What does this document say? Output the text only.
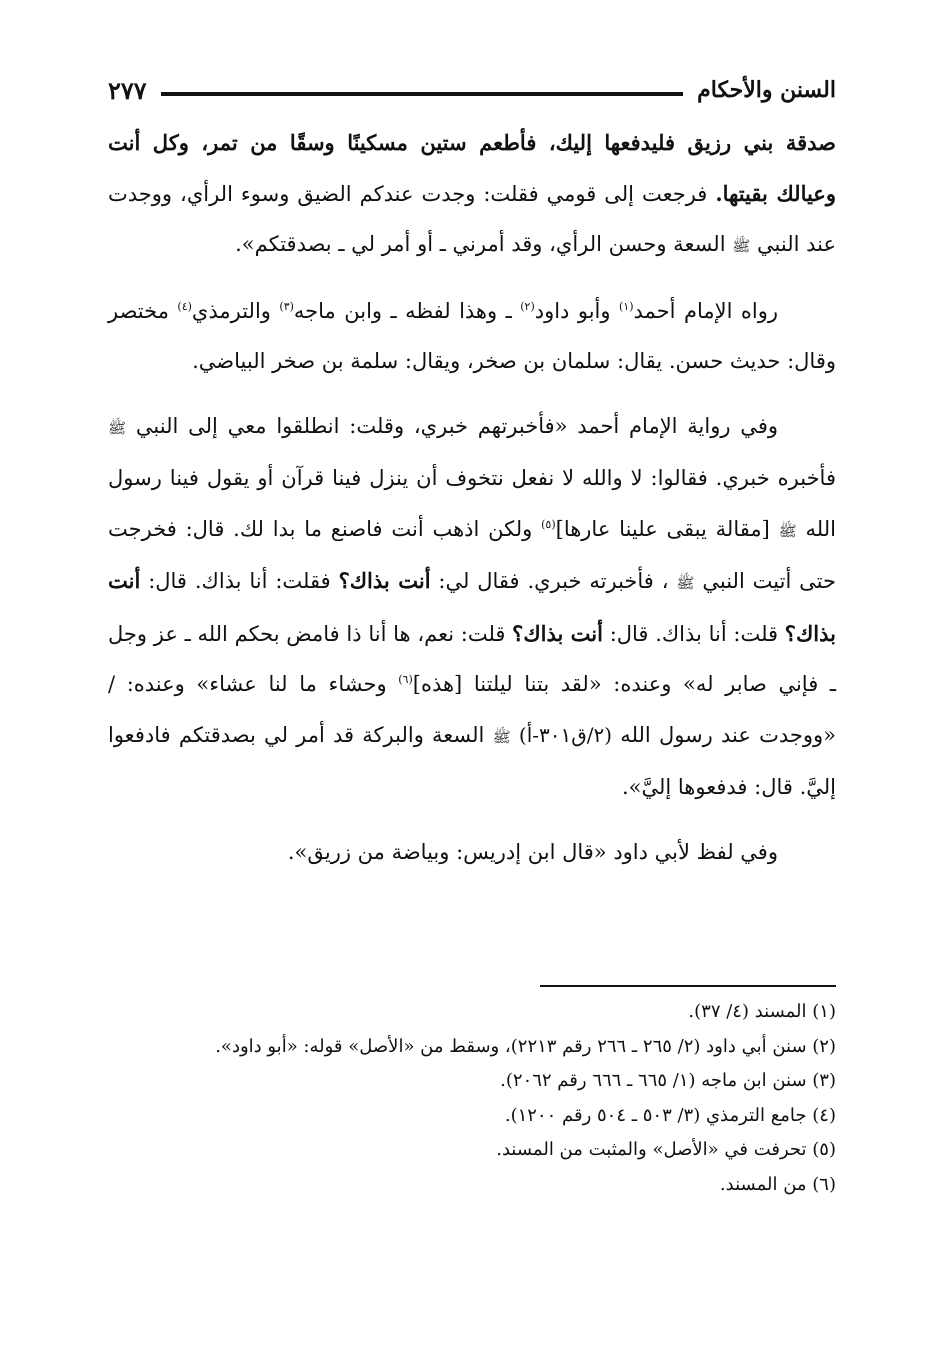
السنن والأحكام
٢٧٧

صدقة بني رزيق فليدفعها إليك، فأطعم ستين مسكينًا وسقًا من تمر، وكل أنت وعيالك بقيتها. فرجعت إلى قومي فقلت: وجدت عندكم الضيق وسوء الرأي، ووجدت عند النبي ﷺ السعة وحسن الرأي، وقد أمرني ـ أو أمر لي ـ بصدقتكم».

رواه الإمام أحمد$^{(١)}$ وأبو داود$^{(٢)}$ ـ وهذا لفظه ـ وابن ماجه$^{(٣)}$ والترمذي$^{(٤)}$ مختصر وقال: حديث حسن. يقال: سلمان بن صخر، ويقال: سلمة بن صخر البياضي.

وفي رواية الإمام أحمد «فأخبرتهم خبري، وقلت: انطلقوا معي إلى النبي ﷺ فأخبره خبري. فقالوا: لا والله لا نفعل نتخوف أن ينزل فينا قرآن أو يقول فينا رسول الله ﷺ [مقالة يبقى علينا عارها]$^{(٥)}$ ولكن اذهب أنت فاصنع ما بدا لك. قال: فخرجت حتى أتيت النبي ﷺ ، فأخبرته خبري. فقال لي: أنت بذاك؟ فقلت: أنا بذاك. قال: أنت بذاك؟ قلت: أنا بذاك. قال: أنت بذاك؟ قلت: نعم، ها أنا ذا فامض بحكم الله ـ عز وجل ـ فإني صابر له» وعنده: «لقد بتنا ليلتنا [هذه]$^{(٦)}$ وحشاء ما لنا عشاء» وعنده: / «ووجدت عند رسول الله (٢/ق٣٠١-أ) ﷺ السعة والبركة قد أمر لي بصدقتكم فادفعوا إليَّ. قال: فدفعوها إليَّ».

وفي لفظ لأبي داود «قال ابن إدريس: وبياضة من زريق».

(١) المسند (٤/ ٣٧).
(٢) سنن أبي داود (٢/ ٢٦٥ ـ ٢٦٦ رقم ٢٢١٣)، وسقط من «الأصل» قوله: «أبو داود».
(٣) سنن ابن ماجه (١/ ٦٦٥ ـ ٦٦٦ رقم ٢٠٦٢).
(٤) جامع الترمذي (٣/ ٥٠٣ ـ ٥٠٤ رقم ١٢٠٠).
(٥) تحرفت في «الأصل» والمثبت من المسند.
(٦) من المسند.
